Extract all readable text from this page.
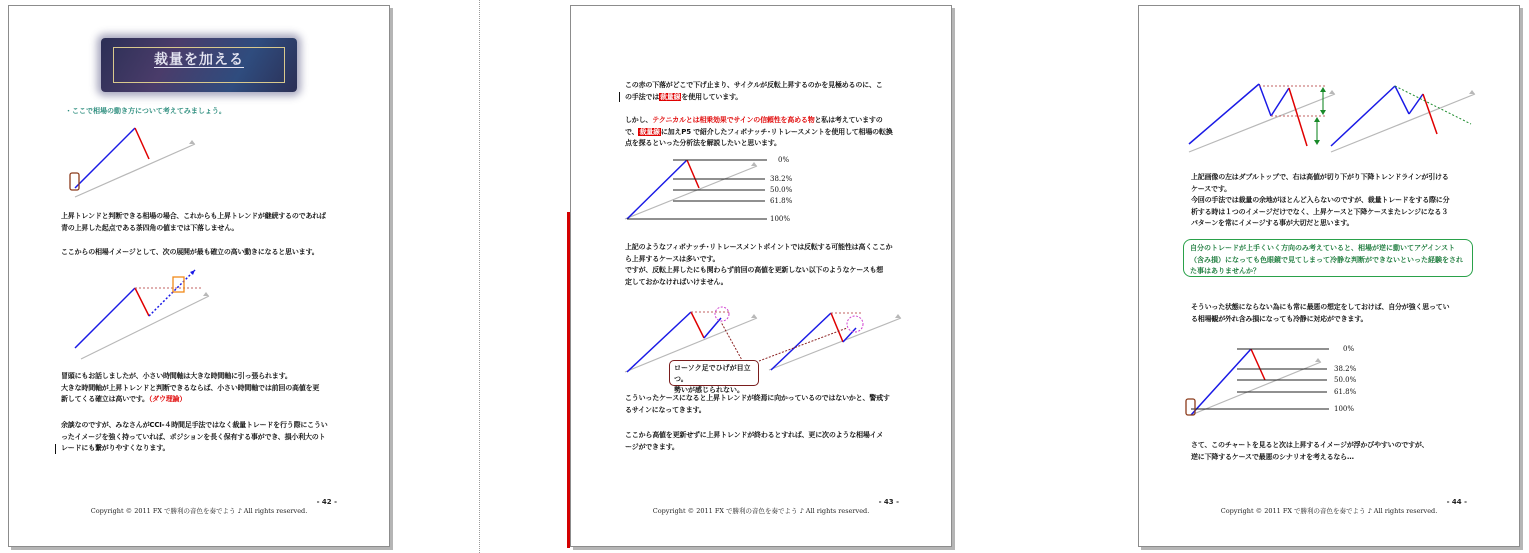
裁量を加える
・ここで相場の動き方について考えてみましょう。
上昇トレンドと判断できる相場の場合、これからも上昇トレンドが継続するのであれば
青の上昇した起点である茶四角の値までは下落しません。
ここからの相場イメージとして、次の展開が最も確立の高い動きになると思います。
冒頭にもお話しましたが、小さい時間軸は大きな時間軸に引っ張られます。
大きな時間軸が上昇トレンドと判断できるならば、小さい時間軸では前回の高値を更
新してくる確立は高いです。（ダウ理論）
余談なのですが、みなさんがCCI-４時間足手法ではなく裁量トレードを行う際にこうい
ったイメージを強く持っていれば、ポジションを長く保有する事ができ、損小利大のト
レードにも繋がりやすくなります。
- 42 -
Copyright © 2011 FX で勝利の音色を奏でよう ♪ All rights reserved.
この赤の下落がどこで下げ止まり、サイクルが反転上昇するのかを見極めるのに、こ
の手法では裁量線を使用しています。
しかし、テクニカルとは相乗効果でサインの信頼性を高める物と私は考えていますの
で、裁量線に加えP5 で紹介したフィボナッチ･リトレースメントを使用して相場の転換
点を探るといった分析法を解説したいと思います。
0%
38.2%
50.0%
61.8%
100%
上記のようなフィボナッチ･リトレースメントポイントでは反転する可能性は高くここか
ら上昇するケースは多いです。
ですが、反転上昇したにも関わらず前回の高値を更新しない以下のようなケースも想
定しておかなければいけません。
ローソク足でひげが目立つ。
勢いが感じられない。
こういったケースになると上昇トレンドが終焉に向かっているのではないかと、警戒す
るサインになってきます。
ここから高値を更新せずに上昇トレンドが終わるとすれば、更に次のような相場イメ
ージができます。
- 43 -
Copyright © 2011 FX で勝利の音色を奏でよう ♪ All rights reserved.
上記画像の左はダブルトップで、右は高値が切り下がり下降トレンドラインが引ける
ケースです。
今回の手法では裁量の余地がほとんど入らないのですが、裁量トレードをする際に分
析する時は１つのイメージだけでなく、上昇ケースと下降ケースまたレンジになる３
パターンを常にイメージする事が大切だと思います。
自分のトレードが上手くいく方向のみ考えていると、相場が逆に動いてアゲインスト
（含み損）になっても色眼鏡で見てしまって冷静な判断ができないといった経験をされ
た事はありませんか？
そういった状態にならない為にも常に最悪の想定をしておけば、自分が強く思ってい
る相場観が外れ含み損になっても冷静に対応ができます。
0%
38.2%
50.0%
61.8%
100%
さて、このチャートを見ると次は上昇するイメージが浮かびやすいのですが、
逆に下降するケースで最悪のシナリオを考えるなら…
- 44 -
Copyright © 2011 FX で勝利の音色を奏でよう ♪ All rights reserved.
